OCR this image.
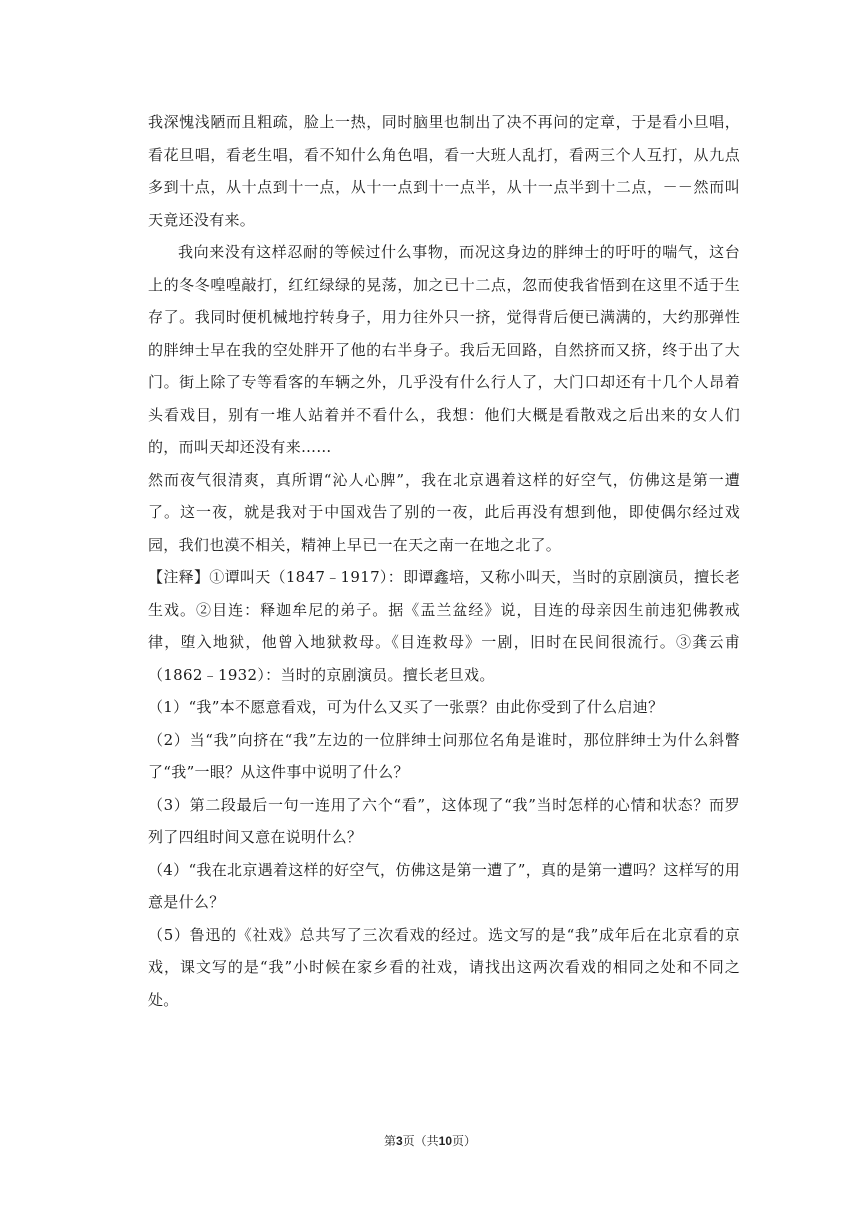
我深愧浅陋而且粗疏，脸上一热，同时脑里也制出了决不再问的定章，于是看小旦唱，看花旦唱，看老生唱，看不知什么角色唱，看一大班人乱打，看两三个人互打，从九点多到十点，从十点到十一点，从十一点到十一点半，从十一点半到十二点，－－然而叫天竟还没有来。

我向来没有这样忍耐的等候过什么事物，而况这身边的胖绅士的吁吁的喘气，这台上的冬冬喤喤敲打，红红绿绿的晃荡，加之已十二点，忽而使我省悟到在这里不适于生存了。我同时便机械地拧转身子，用力往外只一挤，觉得背后便已满满的，大约那弹性的胖绅士早在我的空处胖开了他的右半身子。我后无回路，自然挤而又挤，终于出了大门。街上除了专等看客的车辆之外，几乎没有什么行人了，大门口却还有十几个人昂着头看戏目，别有一堆人站着并不看什么，我想：他们大概是看散戏之后出来的女人们的，而叫天却还没有来……

然而夜气很清爽，真所谓“沁人心脾”，我在北京遇着这样的好空气，仿佛这是第一遭了。这一夜，就是我对于中国戏告了别的一夜，此后再没有想到他，即使偶尔经过戏园，我们也漠不相关，精神上早已一在天之南一在地之北了。

【注释】①谭叫天（1847﹣1917）：即谭鑫培，又称小叫天，当时的京剧演员，擅长老生戏。②目连：释迦牟尼的弟子。据《盂兰盆经》说，目连的母亲因生前违犯佛教戒律，堕入地狱，他曾入地狱救母。《目连救母》一剧，旧时在民间很流行。③龚云甫（1862﹣1932）：当时的京剧演员。擅长老旦戏。

（1）“我”本不愿意看戏，可为什么又买了一张票？由此你受到了什么启迪？

（2）当“我”向挤在“我”左边的一位胖绅士问那位名角是谁时，那位胖绅士为什么斜瞥了“我”一眼？从这件事中说明了什么？

（3）第二段最后一句一连用了六个“看”，这体现了“我”当时怎样的心情和状态？而罗列了四组时间又意在说明什么？

（4）“我在北京遇着这样的好空气，仿佛这是第一遭了”，真的是第一遭吗？这样写的用意是什么？

（5）鲁迅的《社戏》总共写了三次看戏的经过。选文写的是“我”成年后在北京看的京戏，课文写的是“我”小时候在家乡看的社戏，请找出这两次看戏的相同之处和不同之处。

第3页（共10页）
